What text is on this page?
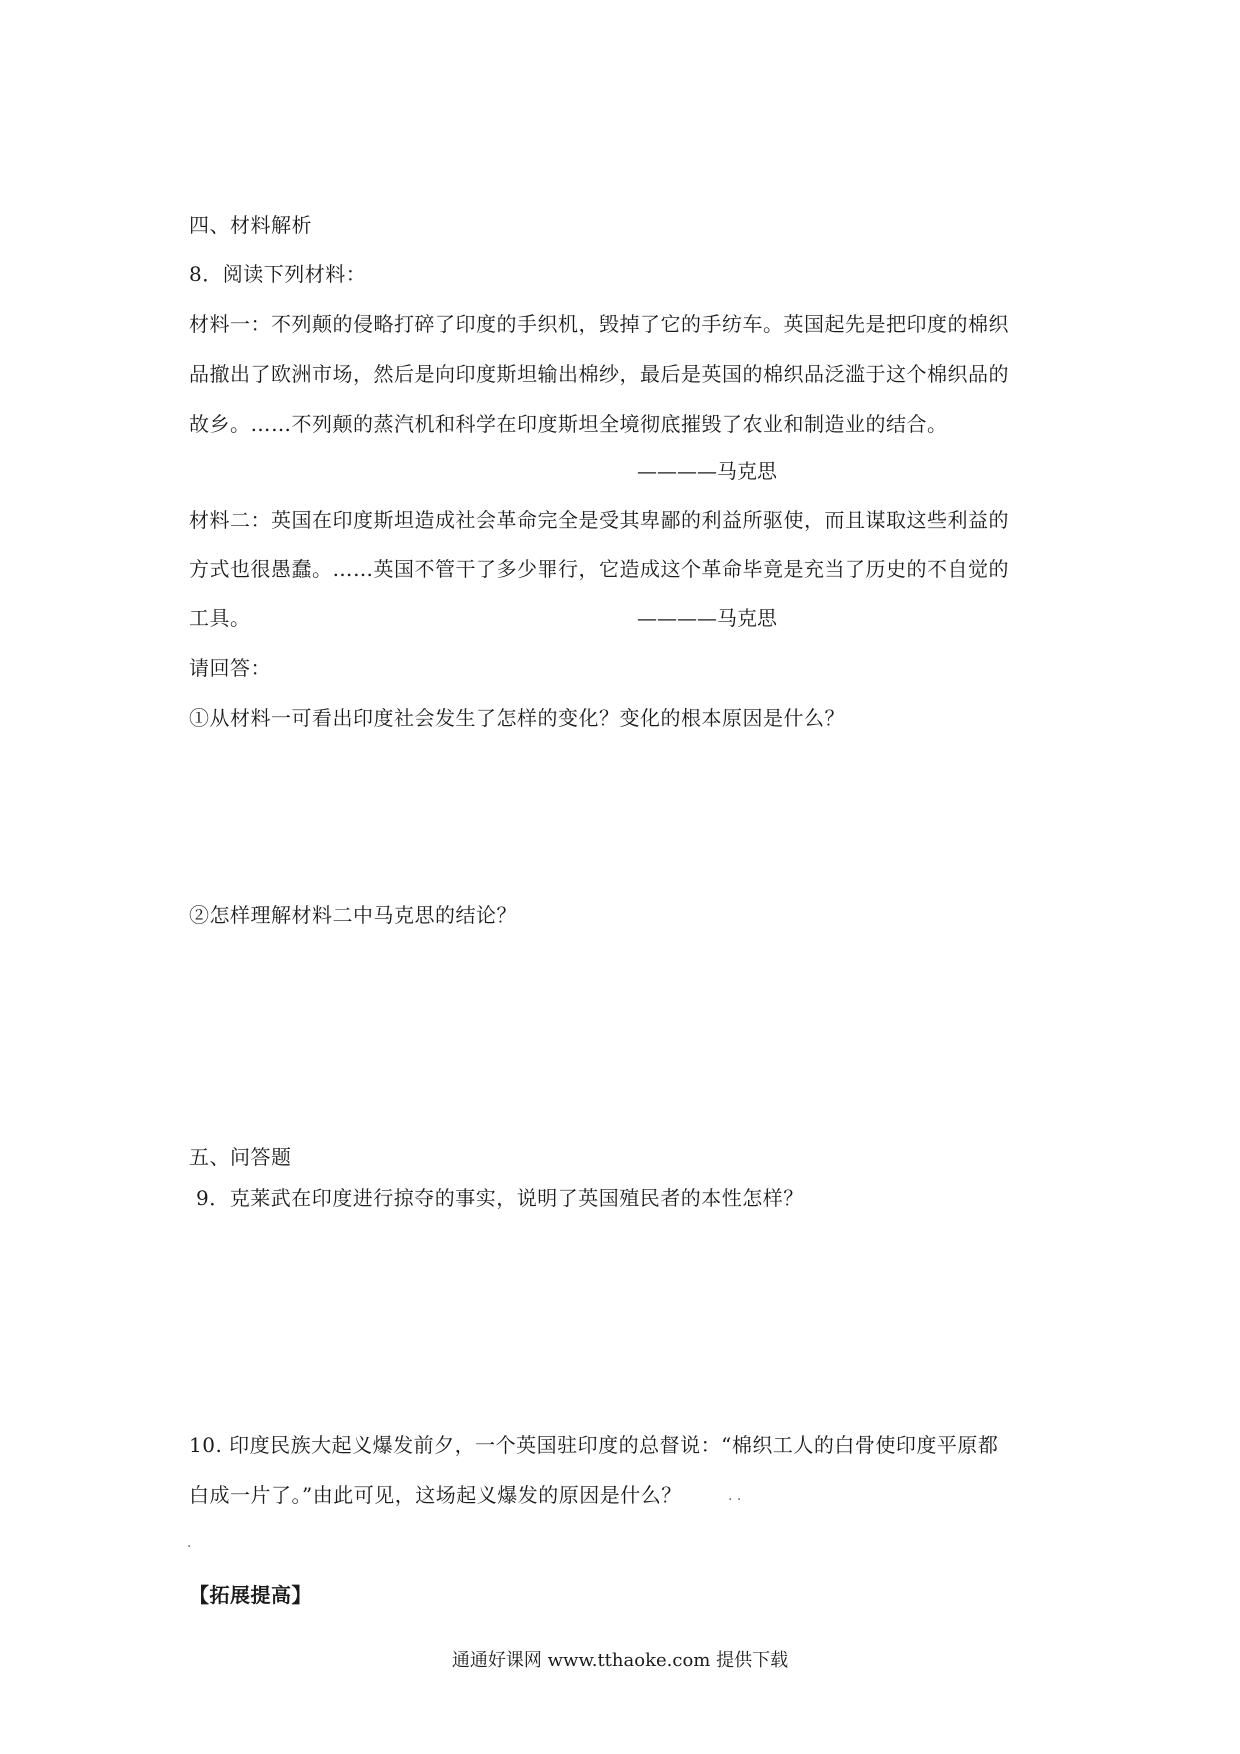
四、材料解析
8．阅读下列材料：
材料一：不列颠的侵略打碎了印度的手织机，毁掉了它的手纺车。英国起先是把印度的棉织
品撤出了欧洲市场，然后是向印度斯坦输出棉纱，最后是英国的棉织品泛滥于这个棉织品的
故乡。……不列颠的蒸汽机和科学在印度斯坦全境彻底摧毁了农业和制造业的结合。
————马克思
材料二：英国在印度斯坦造成社会革命完全是受其卑鄙的利益所驱使，而且谋取这些利益的
方式也很愚蠢。……英国不管干了多少罪行，它造成这个革命毕竟是充当了历史的不自觉的
工具。	————马克思
请回答：
①从材料一可看出印度社会发生了怎样的变化？变化的根本原因是什么？
②怎样理解材料二中马克思的结论？
五、问答题
9．克莱武在印度进行掠夺的事实，说明了英国殖民者的本性怎样？
10. 印度民族大起义爆发前夕，一个英国驻印度的总督说：“棉织工人的白骨使印度平原都
白成一片了。”由此可见，这场起义爆发的原因是什么？	. .
.
【拓展提高】
通通好课网 www.tthaoke.com 提供下载
